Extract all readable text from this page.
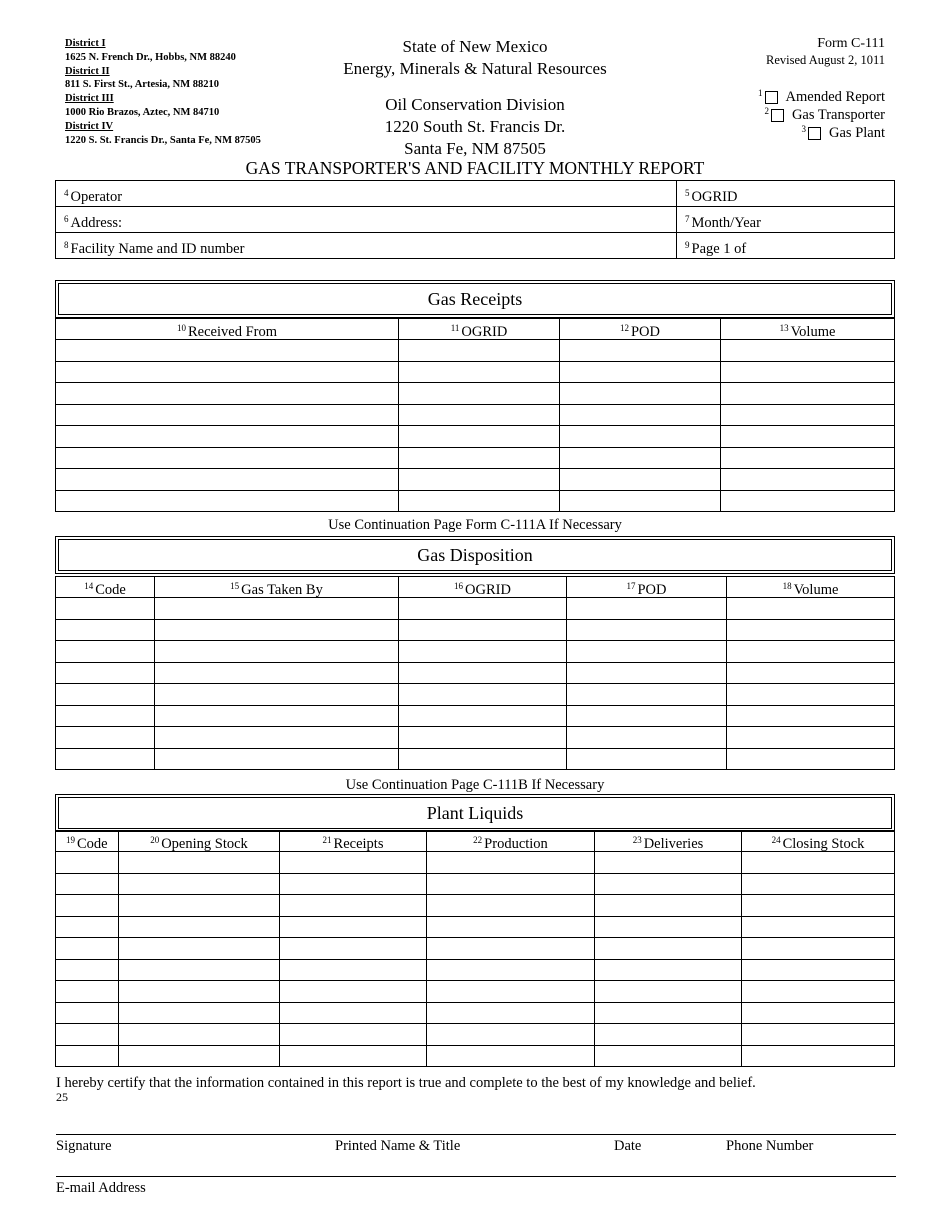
District I
1625 N. French Dr., Hobbs, NM 88240
District II
811 S. First St., Artesia, NM 88210
District III
1000 Rio Brazos, Aztec, NM 84710
District IV
1220 S. St. Francis Dr., Santa Fe, NM 87505
State of New Mexico
Energy, Minerals & Natural Resources
Oil Conservation Division
1220 South St. Francis Dr.
Santa Fe, NM 87505
GAS TRANSPORTER'S AND FACILITY MONTHLY REPORT
Form C-111
Revised August 2, 1011
1 Amended Report
2 Gas Transporter
3 Gas Plant
$^4$ Operator	$^5$ OGRID
$^6$ Address:	$^7$ Month/Year
$^8$ Facility Name and ID number	$^9$ Page 1 of
Gas Receipts
$^{10}$ Received From	$^{11}$ OGRID	$^{12}$ POD	$^{13}$ Volume

Use Continuation Page Form C-111A If Necessary
Gas Disposition
$^{14}$ Code	$^{15}$ Gas Taken By	$^{16}$ OGRID	$^{17}$ POD	$^{18}$ Volume

Use Continuation Page C-111B If Necessary
Plant Liquids
$^{19}$ Code	$^{20}$ Opening Stock	$^{21}$ Receipts	$^{22}$ Production	$^{23}$ Deliveries	$^{24}$ Closing Stock

I hereby certify that the information contained in this report is true and complete to the best of my knowledge and belief.
25
Signature	Printed Name & Title	Date	Phone Number
E-mail Address
